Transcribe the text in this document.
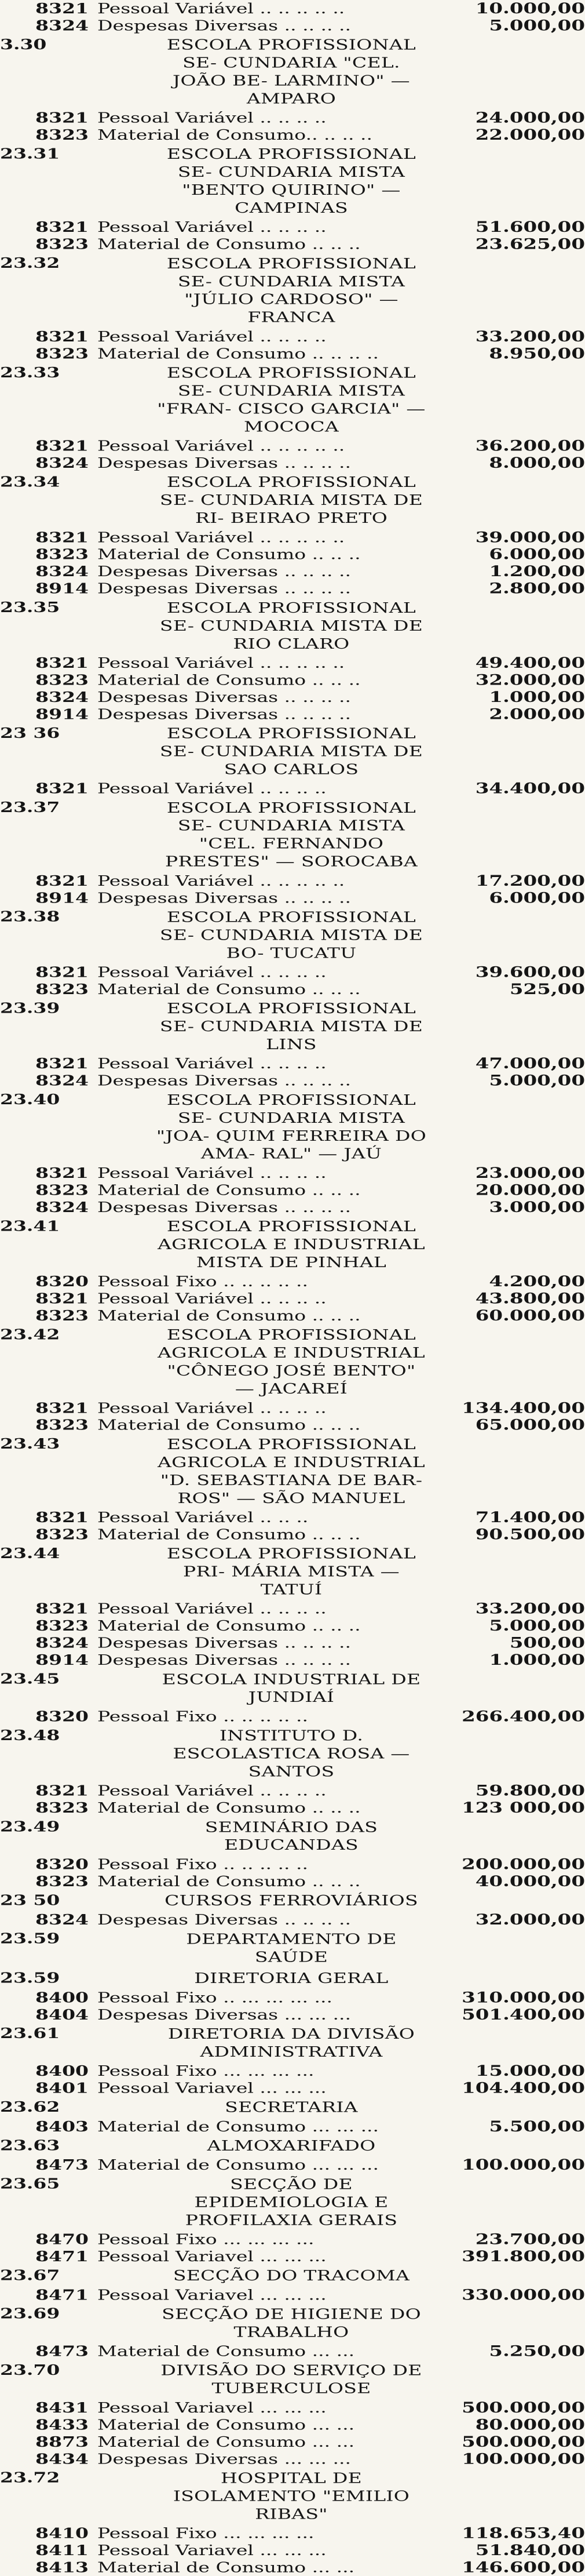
8321 Pessoal Variável .. .. .. .. ..	10.000,00
8324 Despesas Diversas .. .. .. ..	5.000,00
3.30	ESCOLA PROFISSIONAL SE- CUNDARIA "CEL. JOÃO BE- LARMINO" — AMPARO
8321 Pessoal Variável .. .. .. ..	24.000,00
8323 Material de Consumo.. .. .. ..	22.000,00
23.31	ESCOLA PROFISSIONAL SE- CUNDARIA MISTA "BENTO QUIRINO" — CAMPINAS
8321 Pessoal Variável .. .. .. ..	51.600,00
8323 Material de Consumo .. .. ..	23.625,00
23.32	ESCOLA PROFISSIONAL SE- CUNDARIA MISTA "JÚLIO CARDOSO" — FRANCA
8321 Pessoal Variável .. .. .. ..	33.200,00
8323 Material de Consumo .. .. .. ..	8.950,00
23.33	ESCOLA PROFISSIONAL SE- CUNDARIA MISTA "FRAN- CISCO GARCIA" — MOCOCA
8321 Pessoal Variável .. .. .. .. ..	36.200,00
8324 Despesas Diversas .. .. .. ..	8.000,00
23.34	ESCOLA PROFISSIONAL SE- CUNDARIA MISTA DE RI- BEIRAO PRETO
8321 Pessoal Variável .. .. .. .. ..	39.000,00
8323 Material de Consumo .. .. ..	6.000,00
8324 Despesas Diversas .. .. .. ..	1.200,00
8914 Despesas Diversas .. .. .. ..	2.800,00
23.35	ESCOLA PROFISSIONAL SE- CUNDARIA MISTA DE RIO CLARO
8321 Pessoal Variável .. .. .. .. ..	49.400,00
8323 Material de Consumo .. .. ..	32.000,00
8324 Despesas Diversas .. .. .. ..	1.000,00
8914 Despesas Diversas .. .. .. ..	2.000,00
23 36	ESCOLA PROFISSIONAL SE- CUNDARIA MISTA DE SAO CARLOS
8321 Pessoal Variável .. .. .. ..	34.400,00
23.37	ESCOLA PROFISSIONAL SE- CUNDARIA MISTA "CEL. FERNANDO PRESTES" — SOROCABA
8321 Pessoal Variável .. .. .. .. ..	17.200,00
8914 Despesas Diversas .. .. .. ..	6.000,00
23.38	ESCOLA PROFISSIONAL SE- CUNDARIA MISTA DE BO- TUCATU
8321 Pessoal Variável .. .. .. ..	39.600,00
8323 Material de Consumo .. .. ..	525,00
23.39	ESCOLA PROFISSIONAL SE- CUNDARIA MISTA DE LINS
8321 Pessoal Variável .. .. .. ..	47.000,00
8324 Despesas Diversas .. .. .. ..	5.000,00
23.40	ESCOLA PROFISSIONAL SE- CUNDARIA MISTA "JOA- QUIM FERREIRA DO AMA- RAL" — JAÚ
8321 Pessoal Variável .. .. .. ..	23.000,00
8323 Material de Consumo .. .. ..	20.000,00
8324 Despesas Diversas .. .. .. ..	3.000,00
23.41	ESCOLA PROFISSIONAL AGRICOLA E INDUSTRIAL MISTA DE PINHAL
8320 Pessoal Fixo .. .. .. .. ..	4.200,00
8321 Pessoal Variável .. .. .. ..	43.800,00
8323 Material de Consumo .. .. ..	60.000,00
23.42	ESCOLA PROFISSIONAL AGRICOLA E INDUSTRIAL "CÔNEGO JOSÉ BENTO" — JACAREÍ
8321 Pessoal Variável .. .. .. ..	134.400,00
8323 Material de Consumo .. .. ..	65.000,00
23.43	ESCOLA PROFISSIONAL AGRICOLA E INDUSTRIAL "D. SEBASTIANA DE BAR- ROS" — SÃO MANUEL
8321 Pessoal Variável .. .. ..	71.400,00
8323 Material de Consumo .. .. ..	90.500,00
23.44	ESCOLA PROFISSIONAL PRI- MÁRIA MISTA — TATUÍ
8321 Pessoal Variável .. .. .. ..	33.200,00
8323 Material de Consumo .. .. ..	5.000,00
8324 Despesas Diversas .. .. .. ..	500,00
8914 Despesas Diversas .. .. .. ..	1.000,00
23.45	ESCOLA INDUSTRIAL DE JUNDIAÍ
8320 Pessoal Fixo .. .. .. .. ..	266.400,00
23.48	INSTITUTO D. ESCOLASTICA ROSA — SANTOS
8321 Pessoal Variável .. .. .. ..	59.800,00
8323 Material de Consumo .. .. ..	123 000,00
23.49	SEMINÁRIO DAS EDUCANDAS
8320 Pessoal Fixo .. .. .. .. ..	200.000,00
8323 Material de Consumo .. .. ..	40.000,00
23 50	CURSOS FERROVIÁRIOS
8324 Despesas Diversas .. .. .. ..	32.000,00
23.59	DEPARTAMENTO DE SAÚDE
23.59	DIRETORIA GERAL
8400 Pessoal Fixo .. ... ... ... ...	310.000,00
8404 Despesas Diversas ... ... ...	501.400,00
23.61	DIRETORIA DA DIVISÃO ADMINISTRATIVA
8400 Pessoal Fixo ... ... ... ...	15.000,00
8401 Pessoal Variavel ... ... ...	104.400,00
23.62	SECRETARIA
8403 Material de Consumo ... ... ...	5.500,00
23.63	ALMOXARIFADO
8473 Material de Consumo ... ... ...	100.000,00
23.65	SECÇÃO DE EPIDEMIOLOGIA E PROFILAXIA GERAIS
8470 Pessoal Fixo ... ... ... ...	23.700,00
8471 Pessoal Variavel ... ... ...	391.800,00
23.67	SECÇÃO DO TRACOMA
8471 Pessoal Variavel ... ... ...	330.000,00
23.69	SECÇÃO DE HIGIENE DO TRABALHO
8473 Material de Consumo ... ...	5.250,00
23.70	DIVISÃO DO SERVIÇO DE TUBERCULOSE
8431 Pessoal Variavel ... ... ...	500.000,00
8433 Material de Consumo ... ...	80.000,00
8873 Material de Consumo ... ...	500.000,00
8434 Despesas Diversas ... ... ...	100.000,00
23.72	HOSPITAL DE ISOLAMENTO "EMILIO RIBAS"
8410 Pessoal Fixo ... ... ... ...	118.653,40
8411 Pessoal Variavel ... ... ...	51.840,00
8413 Material de Consumo ... ...	146.600,00
